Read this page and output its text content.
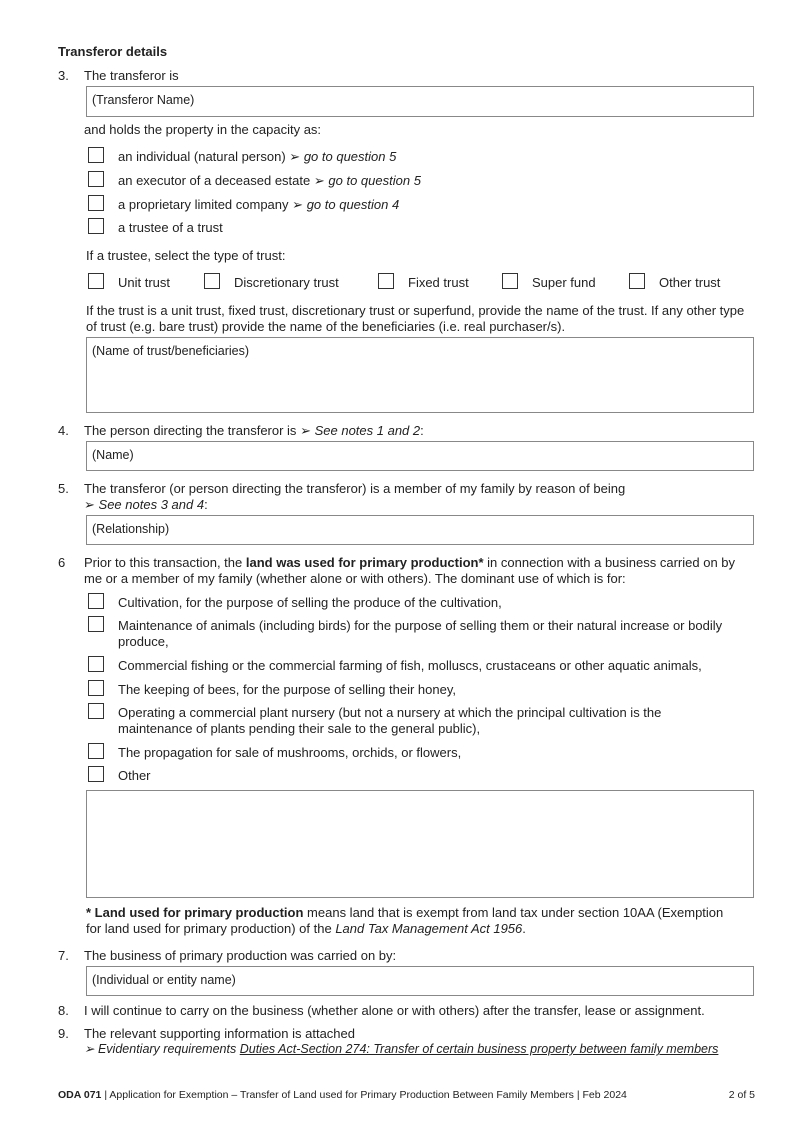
Transferor details
3. The transferor is
(Transferor Name)
and holds the property in the capacity as:
an individual (natural person) ➢ go to question 5
an executor of a deceased estate ➢ go to question 5
a proprietary limited company ➢ go to question 4
a trustee of a trust
If a trustee, select the type of trust:
Unit trust	Discretionary trust	Fixed trust	Super fund	Other trust
If the trust is a unit trust, fixed trust, discretionary trust or superfund, provide the name of the trust. If any other type of trust (e.g. bare trust) provide the name of the beneficiaries (i.e. real purchaser/s).
(Name of trust/beneficiaries)
4. The person directing the transferor is ➢ See notes 1 and 2:
(Name)
5. The transferor (or person directing the transferor) is a member of my family by reason of being
➢ See notes 3 and 4:
(Relationship)
6 Prior to this transaction, the land was used for primary production* in connection with a business carried on by me or a member of my family (whether alone or with others). The dominant use of which is for:
Cultivation, for the purpose of selling the produce of the cultivation,
Maintenance of animals (including birds) for the purpose of selling them or their natural increase or bodily produce,
Commercial fishing or the commercial farming of fish, molluscs, crustaceans or other aquatic animals,
The keeping of bees, for the purpose of selling their honey,
Operating a commercial plant nursery (but not a nursery at which the principal cultivation is the maintenance of plants pending their sale to the general public),
The propagation for sale of mushrooms, orchids, or flowers,
Other
* Land used for primary production means land that is exempt from land tax under section 10AA (Exemption for land used for primary production) of the Land Tax Management Act 1956.
7. The business of primary production was carried on by:
(Individual or entity name)
8. I will continue to carry on the business (whether alone or with others) after the transfer, lease or assignment.
9. The relevant supporting information is attached
➢ Evidentiary requirements Duties Act-Section 274: Transfer of certain business property between family members
ODA 071 | Application for Exemption – Transfer of Land used for Primary Production Between Family Members | Feb 2024	2 of 5
